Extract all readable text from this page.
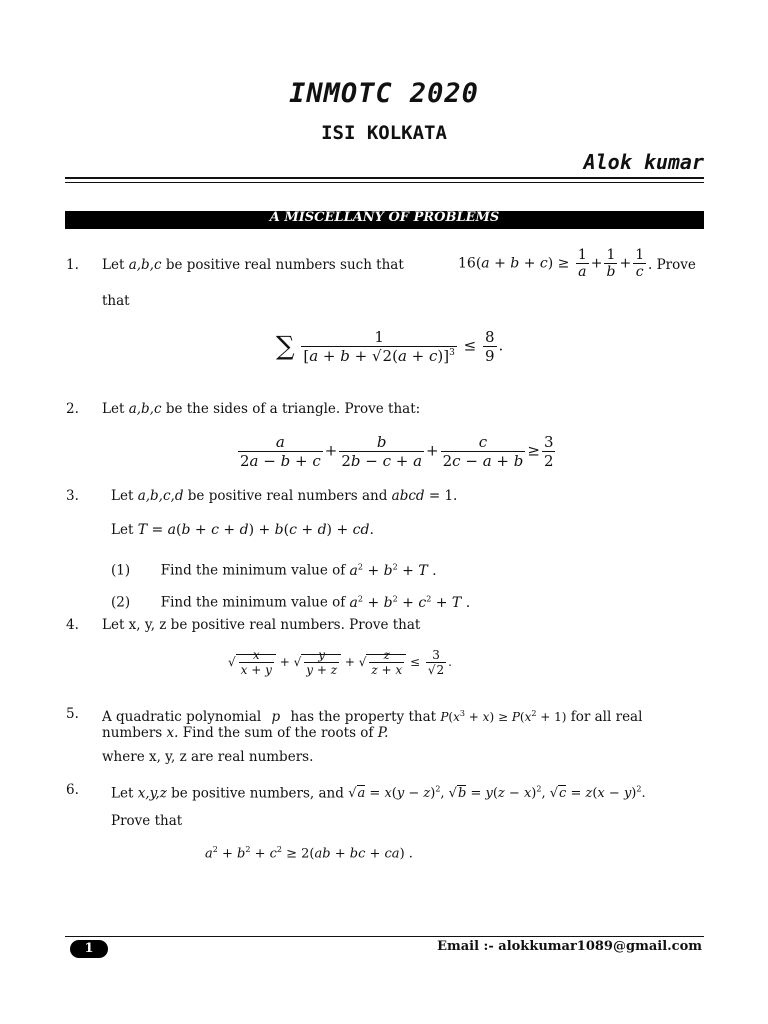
INMOTC 2020
ISI KOLKATA
Alok kumar
A MISCELLANY OF PROBLEMS
1. Let a,b,c be positive real numbers such that	$16(a + b + c) \ge \frac{1}{a} + \frac{1}{b} + \frac{1}{c}$ . Prove
that
∑ $\frac{1}{[a + b + √2(a + c)]^3} \le \frac{8}{9}$ .
2. Let a,b,c be the sides of a triangle. Prove that:
$\frac{a}{2a - b + c} + \frac{b}{2b - c + a} + \frac{c}{2c - a + b} \ge \frac{3}{2}$
3. Let a,b,c,d be positive real numbers and abcd = 1.
Let T = a(b + c + d) + b(c + d) + cd.
(1) Find the minimum value of $a^2 + b^2 + T$ .
(2) Find the minimum value of $a^2 + b^2 + c^2 + T$ .
4. Let x, y, z be positive real numbers. Prove that
√ $\frac{x}{x + y}$ + √ $\frac{y}{y + z}$ + √ $\frac{z}{z + x} \le \frac{3}{√2}$ .
5. A quadratic polynomial p has the property that $P(x^3 + x) \ge P(x^2 + 1)$ for all real
numbers x. Find the sum of the roots of P.
where x, y, z are real numbers.
6. Let x,y,z be positive numbers, and $√a = x(y - z)^2$, $√b = y(z - x)^2$, $√c = z(x - y)^2$.
Prove that
$a^2 + b^2 + c^2 \ge 2(ab$ + bc + ca) .
1	Email :- alokkumar1089@gmail.com
